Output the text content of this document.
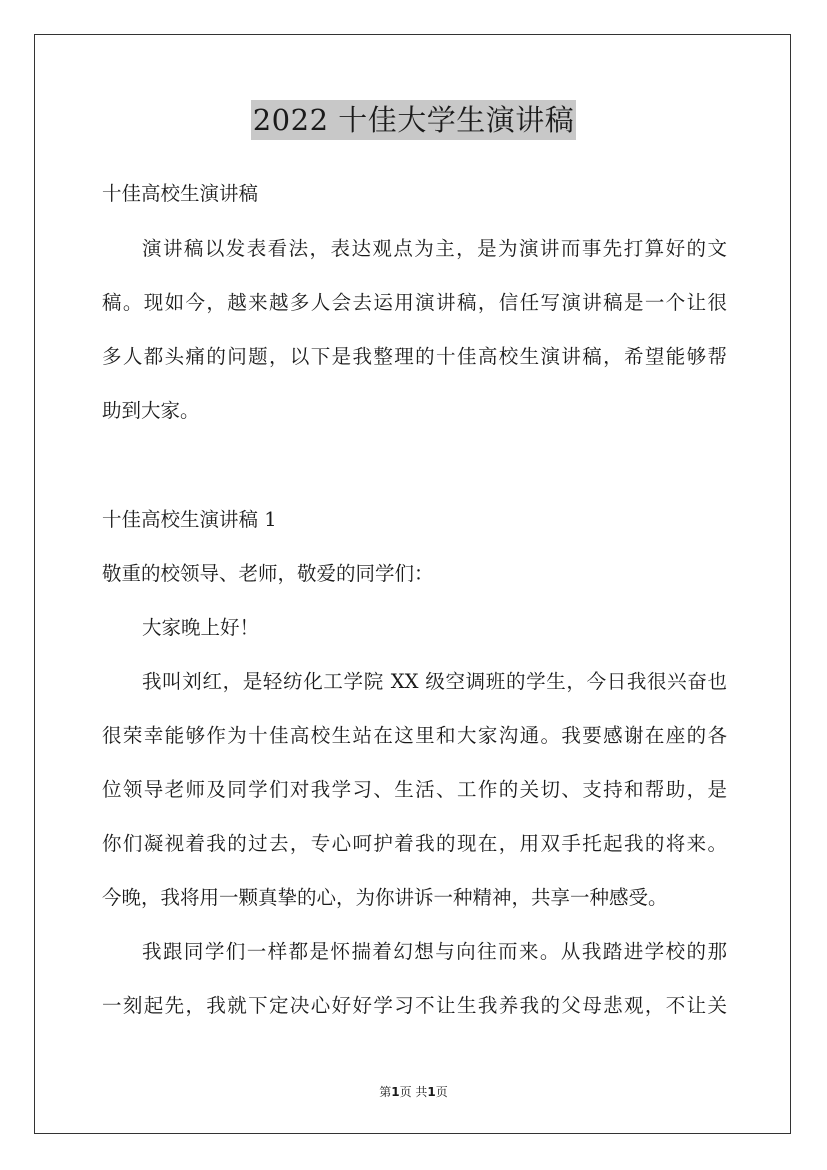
2022 十佳大学生演讲稿
十佳高校生演讲稿
演讲稿以发表看法，表达观点为主，是为演讲而事先打算好的文
稿。现如今，越来越多人会去运用演讲稿，信任写演讲稿是一个让很
多人都头痛的问题，以下是我整理的十佳高校生演讲稿，希望能够帮
助到大家。
十佳高校生演讲稿 1
敬重的校领导、老师，敬爱的同学们：
大家晚上好！
我叫刘红，是轻纺化工学院 XX 级空调班的学生，今日我很兴奋也
很荣幸能够作为十佳高校生站在这里和大家沟通。我要感谢在座的各
位领导老师及同学们对我学习、生活、工作的关切、支持和帮助，是
你们凝视着我的过去，专心呵护着我的现在，用双手托起我的将来。
今晚，我将用一颗真挚的心，为你讲诉一种精神，共享一种感受。
我跟同学们一样都是怀揣着幻想与向往而来。从我踏进学校的那
一刻起先，我就下定决心好好学习不让生我养我的父母悲观，不让关
第1页 共1页
